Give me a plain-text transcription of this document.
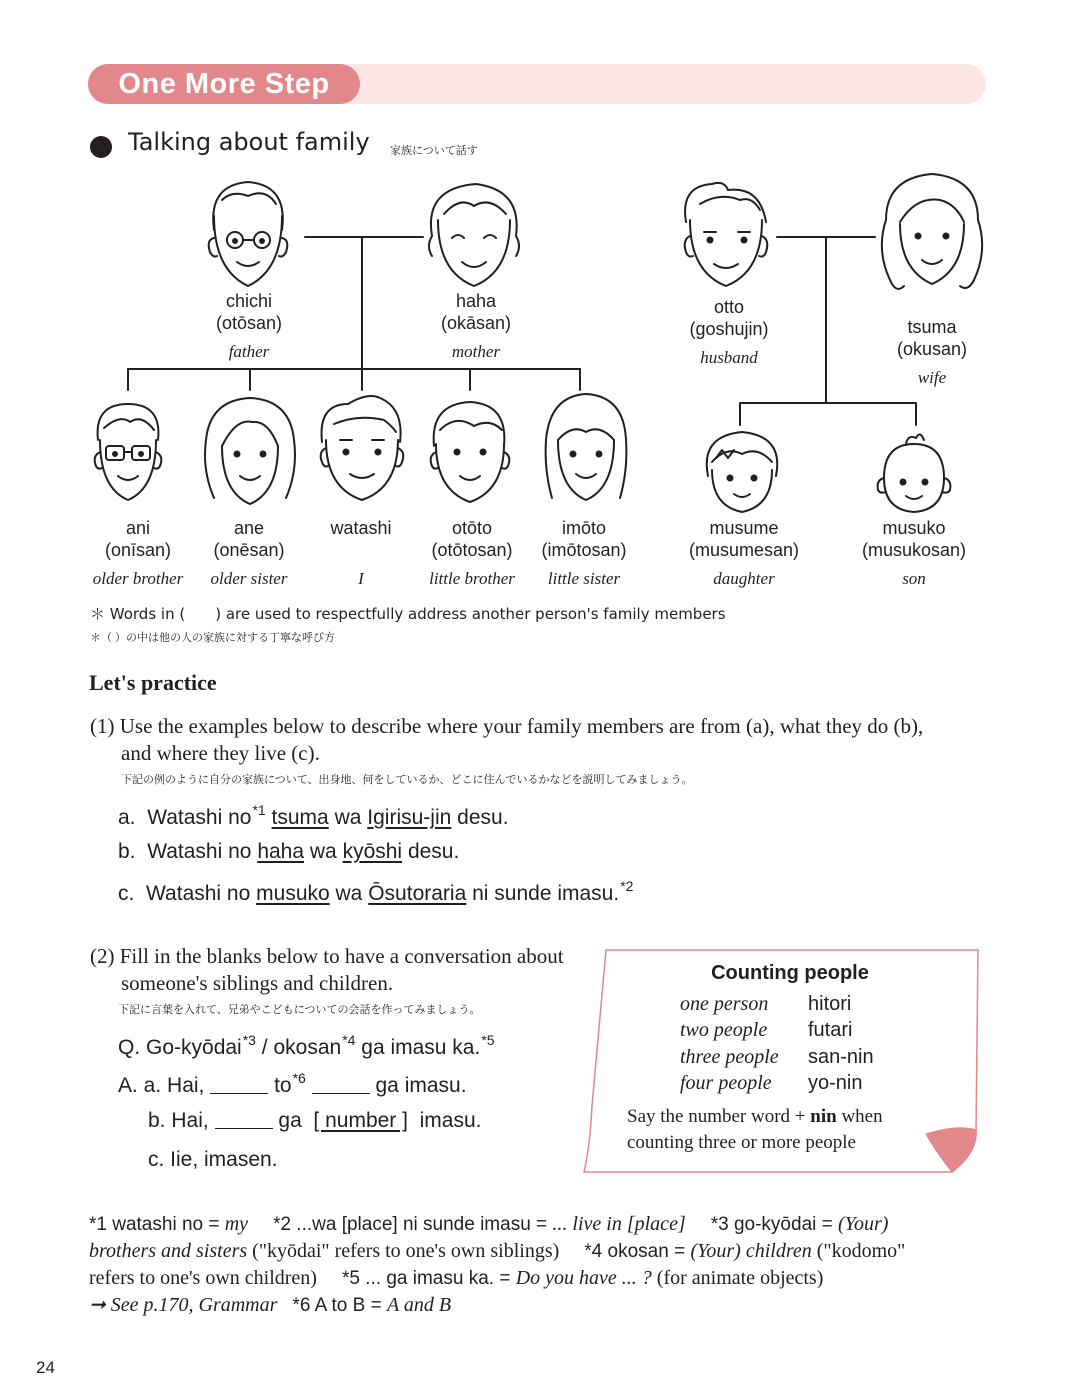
One More Step
Talking about family 家族について話す
chichi
(otōsan)
father
haha
(okāsan)
mother
otto
(goshujin)
husband
tsuma
(okusan)
wife
ani
(onīsan)
older brother
ane
(onēsan)
older sister
watashi

I
otōto
(otōtosan)
little brother
imōto
(imōtosan)
little sister
musume
(musumesan)
daughter
musuko
(musukosan)
son
＊ Words in (　　) are used to respectfully address another person's family members
＊（ ）の中は他の人の家族に対する丁寧な呼び方
Let's practice
(1) Use the examples below to describe where your family members are from (a), what they do (b),
and where they live (c).
下記の例のように自分の家族について、出身地、何をしているか、どこに住んでいるかなどを説明してみましょう。
a. Watashi $no^{*1}$ tsuma wa Igirisu-jin desu.
b. Watashi no haha wa kyōshi desu.
c. Watashi no musuko wa Ōsutoraria ni sunde imasu.$^{*2}$
(2) Fill in the blanks below to have a conversation about
someone's siblings and children.
下記に言葉を入れて、兄弟やこどもについての会話を作ってみましょう。
Q. Go-kyōdai$^{*3}$ / okosan$^{*4}$ ga imasu ka.$^{*5}$
A. a. Hai,	$to^{*6}$	ga imasu.
b. Hai,	ga [ number ] imasu.
c. Iie, imasen.
Counting people
one person hitori
two people futari
three people san-nin
four people yo-nin
Say the number word + nin when
counting three or more people
*1 watashi no = my *2 ...wa [place] ni sunde imasu = ... live in [place] *3 go-kyōdai = (Your)
brothers and sisters ("kyōdai" refers to one's own siblings) *4 okosan = (Your) children ("kodomo"
refers to one's own children) *5 ... ga imasu ka. = Do you have ... ? (for animate objects)
➞ See p.170, Grammar *6 A to B = A and B
24
